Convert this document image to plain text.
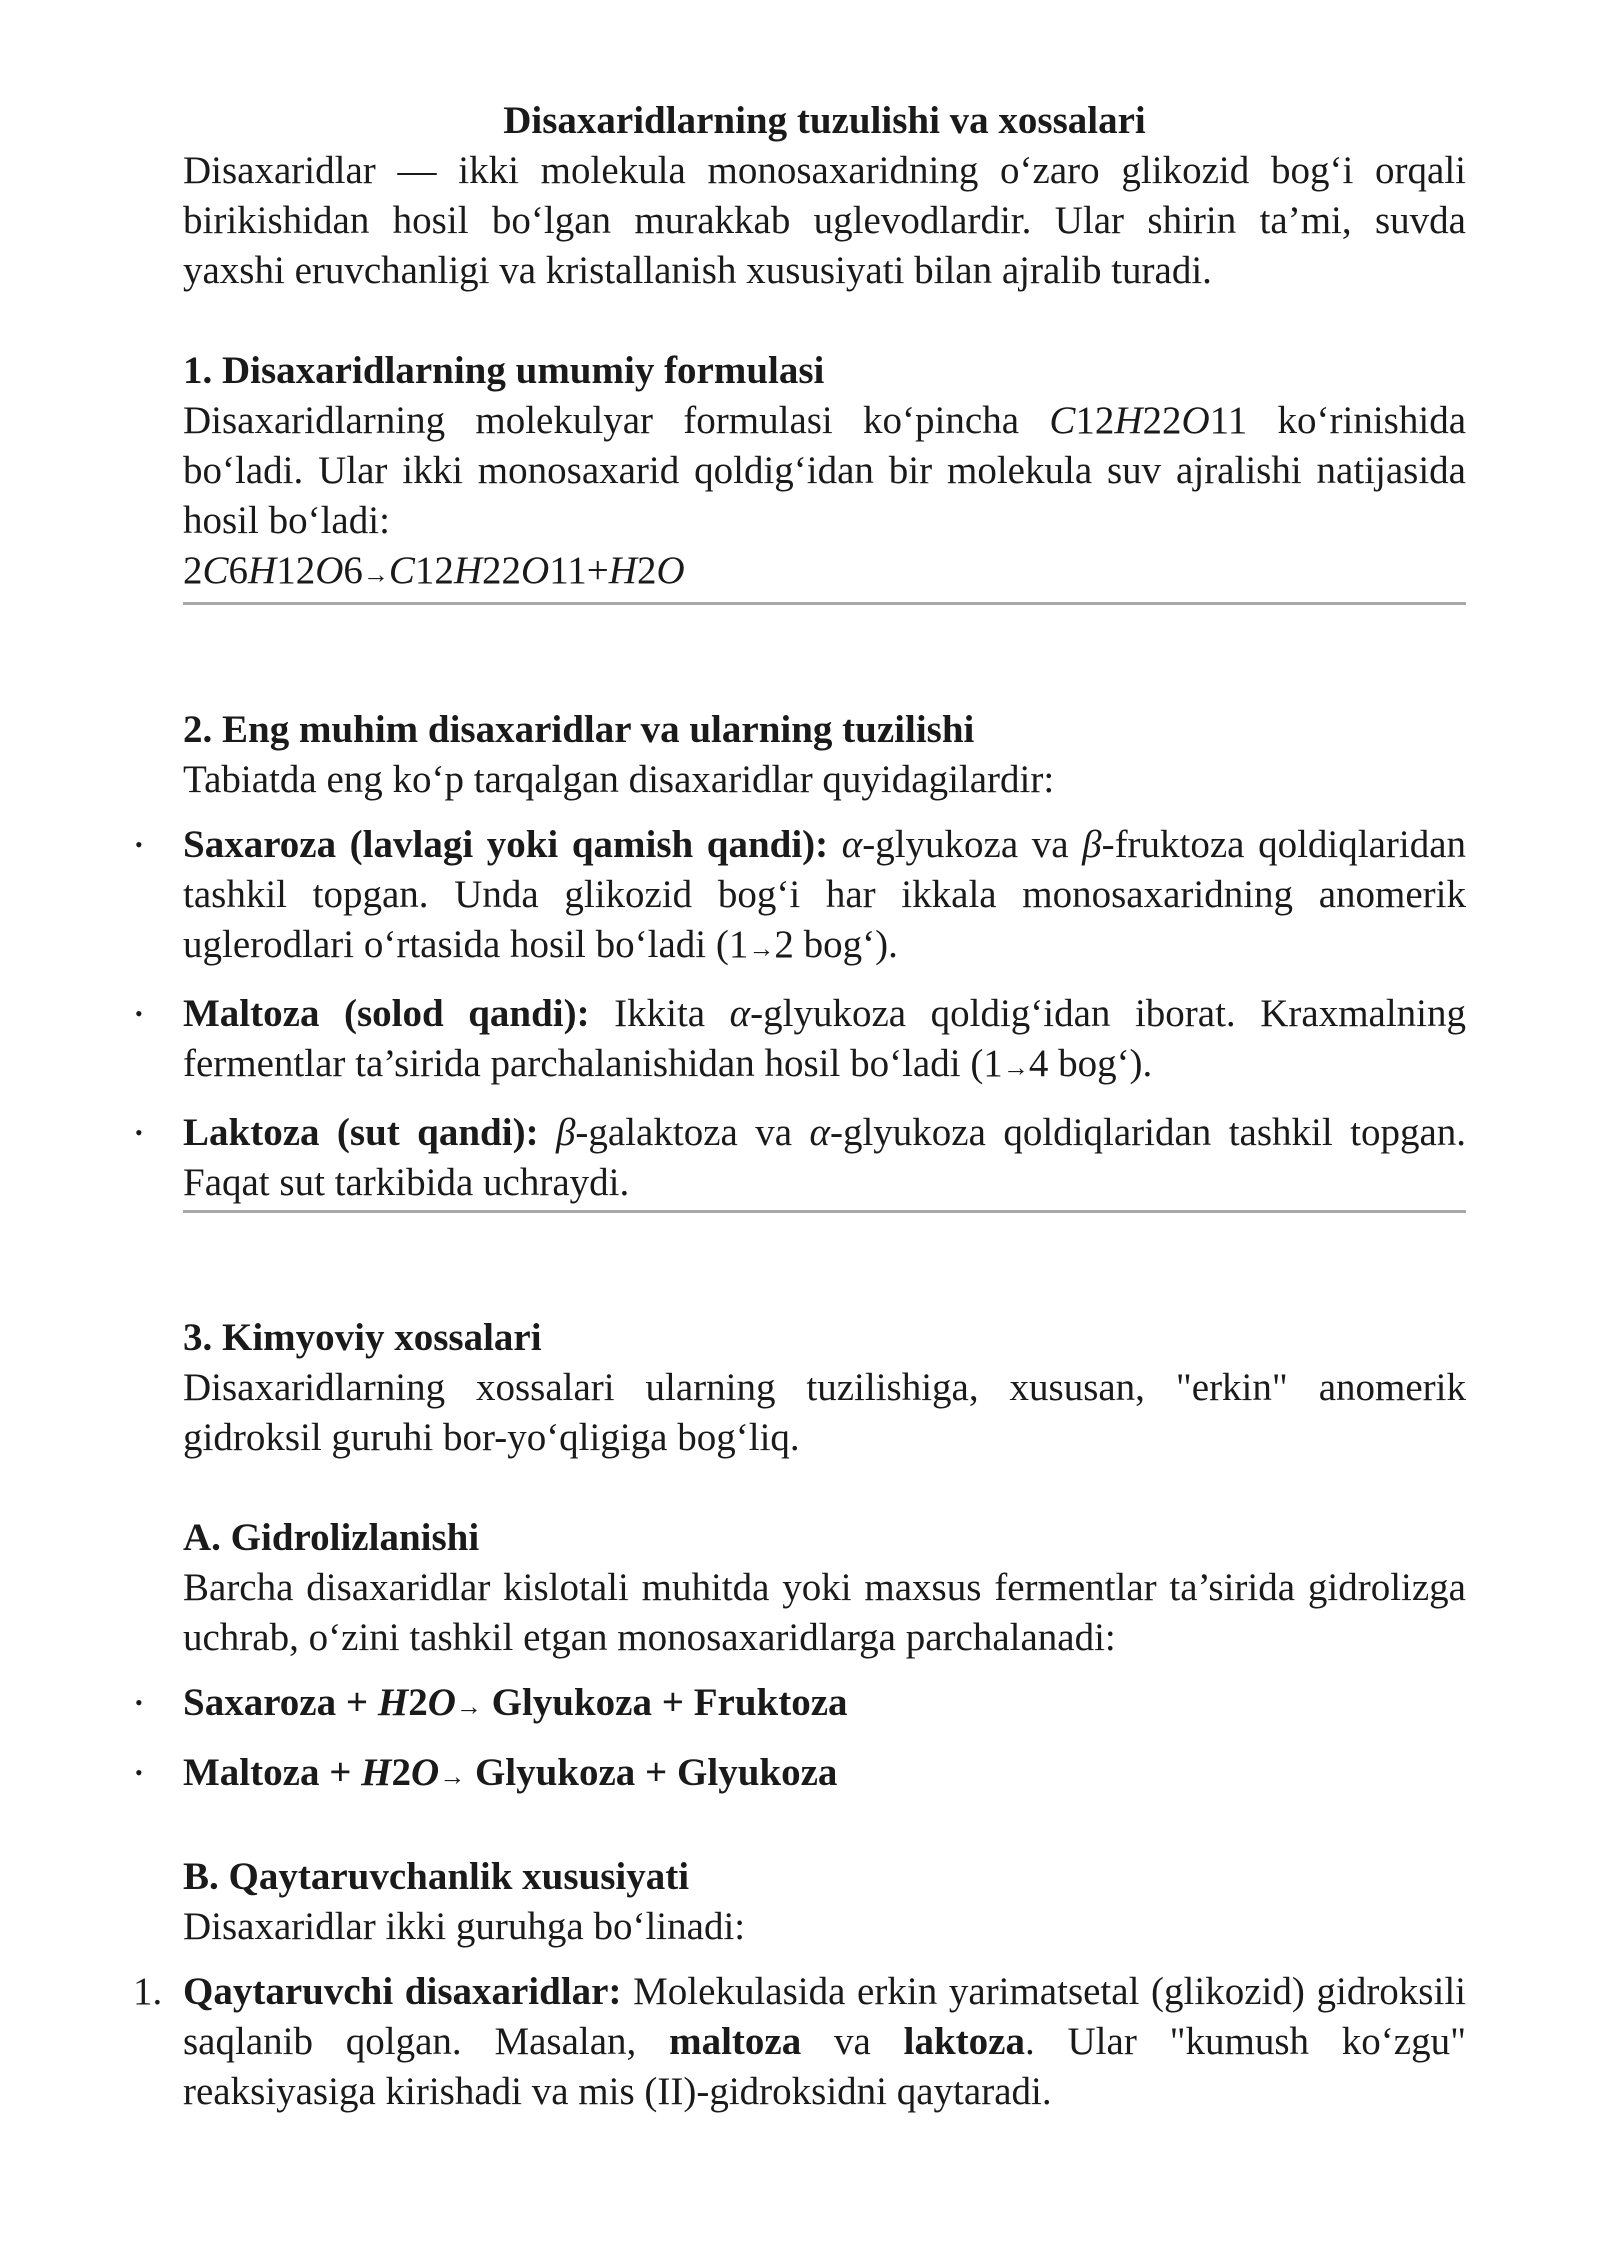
Disaxaridlarning tuzulishi va xossalari

Disaxaridlar — ikki molekula monosaxaridning o‘zaro glikozid bog‘i orqali birikishidan hosil bo‘lgan murakkab uglevodlardir. Ular shirin ta’mi, suvda yaxshi eruvchanligi va kristallanish xususiyati bilan ajralib turadi.

1. Disaxaridlarning umumiy formulasi

Disaxaridlarning molekulyar formulasi ko‘pincha C12H22O11 ko‘rinishida bo‘ladi. Ular ikki monosaxarid qoldig‘idan bir molekula suv ajralishi natijasida hosil bo‘ladi:

2C6H12O6→C12H22O11+H2O
2. Eng muhim disaxaridlar va ularning tuzilishi

Tabiatda eng ko‘p tarqalgan disaxaridlar quyidagilardir:

• Saxaroza (lavlagi yoki qamish qandi): α-glyukoza va β-fruktoza qoldiqlaridan tashkil topgan. Unda glikozid bog‘i har ikkala monosaxaridning anomerik uglerodlari o‘rtasida hosil bo‘ladi (1→2 bog‘).
• Maltoza (solod qandi): Ikkita α-glyukoza qoldig‘idan iborat. Kraxmalning fermentlar ta’sirida parchalanishidan hosil bo‘ladi (1→4 bog‘).
• Laktoza (sut qandi): β-galaktoza va α-glyukoza qoldiqlaridan tashkil topgan. Faqat sut tarkibida uchraydi.
3. Kimyoviy xossalari

Disaxaridlarning xossalari ularning tuzilishiga, xususan, "erkin" anomerik gidroksil guruhi bor-yo‘qligiga bog‘liq.

A. Gidrolizlanishi

Barcha disaxaridlar kislotali muhitda yoki maxsus fermentlar ta’sirida gidrolizga uchrab, o‘zini tashkil etgan monosaxaridlarga parchalanadi:

• Saxaroza + H2O→ Glyukoza + Fruktoza
• Maltoza + H2O→ Glyukoza + Glyukoza
B. Qaytaruvchanlik xususiyati

Disaxaridlar ikki guruhga bo‘linadi:

1. Qaytaruvchi disaxaridlar: Molekulasida erkin yarimatsetal (glikozid) gidroksili saqlanib qolgan. Masalan, maltoza va laktoza. Ular "kumush ko‘zgu" reaksiyasiga kirishadi va mis (II)-gidroksidni qaytaradi.
